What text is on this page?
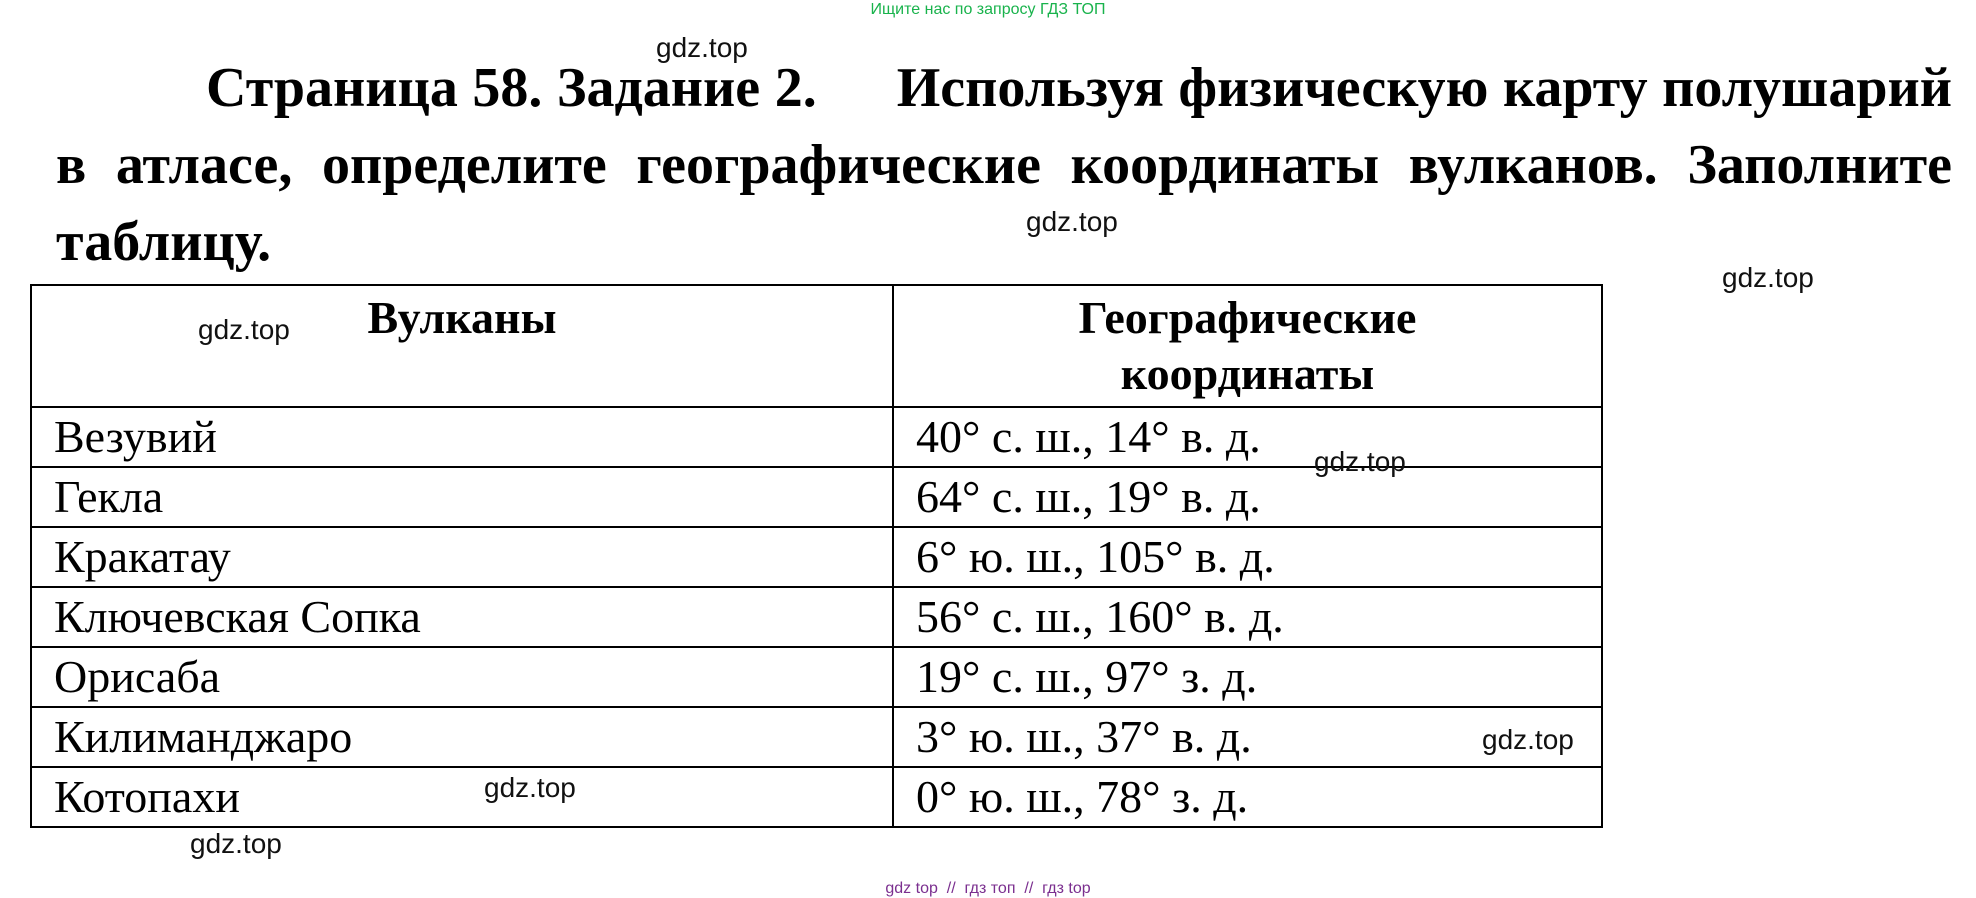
Ищите нас по запросу ГДЗ ТОП
Страница 58. Задание 2. Используя физическую карту полушарий в атласе, определите географические координаты вулканов. Заполните таблицу.
Вулканы	Географические координаты
Везувий	40° с. ш., 14° в. д.
Гекла	64° с. ш., 19° в. д.
Кракатау	6° ю. ш., 105° в. д.
Ключевская Сопка	56° с. ш., 160° в. д.
Орисаба	19° с. ш., 97° з. д.
Килиманджаро	3° ю. ш., 37° в. д.
Котопахи	0° ю. ш., 78° з. д.
gdz.top
gdz.top
gdz.top
gdz.top
gdz.top
gdz.top
gdz.top
gdz.top
gdz top  //  гдз топ  //  гдз top
